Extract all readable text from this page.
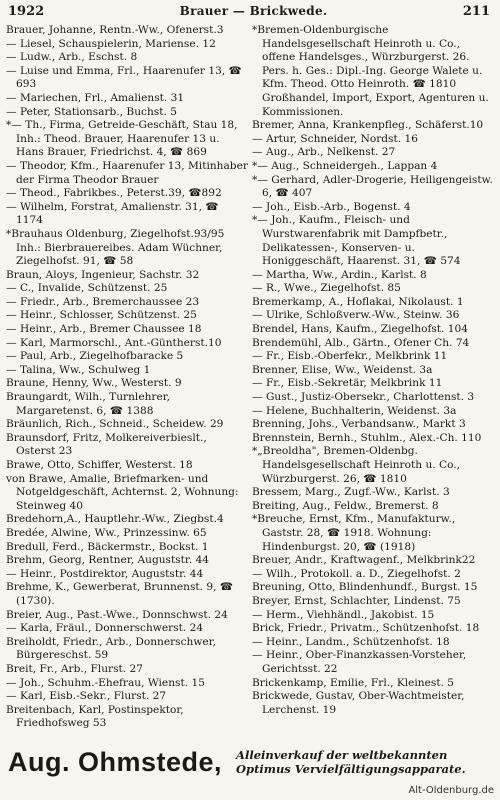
1922	Brauer — Brickwede.	211
Brauer, Johanne, Rentn.-Ww., Ofenerst.3
— Liesel, Schauspielerin, Mariense. 12
— Ludw., Arb., Eschst. 8
— Luise und Emma, Frl., Haarenufer 13, ☎ 693
— Mariechen, Frl., Amalienst. 31
— Peter, Stationsarb., Buchst. 5
*— Th., Firma, Getreide-Geschäft, Stau 18, Inh.: Theod. Brauer, Haarenufer 13 u. Hans Brauer, Friedrichst. 4, ☎ 869
— Theodor, Kfm., Haarenufer 13, Mitinhaber der Firma Theodor Brauer
— Theod., Fabrikbes., Peterst.39, ☎892
— Wilhelm, Forstrat, Amalienstr. 31, ☎ 1174
*Brauhaus Oldenburg, Ziegelhofst.93/95 Inh.: Bierbrauereibes. Adam Wüchner, Ziegelhofst. 91, ☎ 58
Braun, Aloys, Ingenieur, Sachstr. 32
— C., Invalide, Schützenst. 25
— Friedr., Arb., Bremerchaussee 23
— Heinr., Schlosser, Schützenst. 25
— Heinr., Arb., Bremer Chaussee 18
— Karl, Marmorschl., Ant.-Güntherst.10
— Paul, Arb., Ziegelhofbaracke 5
— Talina, Ww., Schulweg 1
Braune, Henny, Ww., Westerst. 9
Braungardt, Wilh., Turnlehrer, Margaretenst. 6, ☎ 1388
Bräunlich, Rich., Schneid., Scheidew. 29
Braunsdorf, Fritz, Molkereiverbieslt., Osterst 23
Brawe, Otto, Schiffer, Westerst. 18
von Brawe, Amalie, Briefmarken- und Notgeldgeschäft, Achternst. 2, Wohnung: Steinweg 40
Bredehorn,A., Hauptlehr.-Ww., Ziegbst.4
Bredée, Alwine, Ww., Prinzessinw. 65
Bredull, Ferd., Bäckermstr., Bockst. 1
Brehm, Georg, Rentner, Auguststr. 44
— Heinr., Postdirektor, Auguststr. 44
Brehme, K., Gewerberat, Brunnenst. 9, ☎ (1730).
Breier, Aug., Past.-Wwe., Donnschwst. 24
— Karla, Fräul., Donnerschwerst. 24
Breiholdt, Friedr., Arb., Donnerschwer, Bürgereschst. 59
Breit, Fr., Arb., Flurst. 27
— Joh., Schuhm.-Ehefrau, Wienst. 15
— Karl, Eisb.-Sekr., Flurst. 27
Breitenbach, Karl, Postinspektor, Friedhofsweg 53
*Bremen-Oldenburgische Handelsgesellschaft Heinroth u. Co., offene Handelsges., Würzburgerst. 26. Pers. h. Ges.: Dipl.-Ing. George Walete u. Kfm. Theod. Otto Heinroth. ☎ 1810 Großhandel, Import, Export, Agenturen u. Kommissionen.
Bremer, Anna, Krankenpfleg., Schäferst.10
— Artur, Schneider, Nordst. 16
— Aug., Arb., Nelkenst. 27
*— Aug., Schneidergeh., Lappan 4
*— Gerhard, Adler-Drogerie, Heiligengeistw. 6, ☎ 407
— Joh., Eisb.-Arb., Bogenst. 4
*— Joh., Kaufm., Fleisch- und Wurstwarenfabrik mit Dampfbetr., Delikatessen-, Konserven- u. Honiggeschäft, Haarenst. 31, ☎ 574
— Martha, Ww., Ardin., Karlst. 8
— R., Wwe., Ziegelhofst. 85
Bremerkamp, A., Hoflakai, Nikolaust. 1
— Ulrike, Schloßverw.-Ww., Steinw. 36
Brendel, Hans, Kaufm., Ziegelhofst. 104
Brendemühl, Alb., Gärtn., Ofener Ch. 74
— Fr., Eisb.-Oberfekr., Melkbrink 11
Brenner, Elise, Ww., Weidenst. 3a
— Fr., Eisb.-Sekretär, Melkbrink 11
— Gust., Justiz-Obersekr., Charlottenst. 3
— Helene, Buchhalterin, Weidenst. 3a
Brenning, Johs., Verbandsanw., Markt 3
Brennstein, Bernh., Stuhlm., Alex.-Ch. 110
*„Breoldha", Bremen-Oldenbg. Handelsgesellschaft Heinroth u. Co., Würzburgerst. 26, ☎ 1810
Bressem, Marg., Zugf.-Ww., Karlst. 3
Breiting, Aug., Feldw., Bremerst. 8
*Breuche, Ernst, Kfm., Manufakturw., Gaststr. 28, ☎ 1918. Wohnung: Hindenburgst. 20, ☎ (1918)
Breuer, Andr., Kraftwagenf., Melkbrink22
— Wilh., Protokoll. a. D., Ziegelhofst. 2
Breuning, Otto, Blindenhundf., Burgst. 15
Breyer, Ernst, Schlachter, Lindenst. 75
— Herm., Viehhändl., Jakobist. 15
Brick, Friedr., Privatm., Schützenhofst. 18
— Heinr., Landm., Schützenhofst. 18
— Heinr., Ober-Finanzkassen-Vorsteher, Gerichtsst. 22
Brickenkamp, Emilie, Frl., Kleinest. 5
Brickwede, Gustav, Ober-Wachtmeister, Lerchenst. 19
Aug. Ohmstede, Alleinverkauf der weltbekannten
Optimus Vervielfältigungsapparate.
Alt-Oldenburg.de
